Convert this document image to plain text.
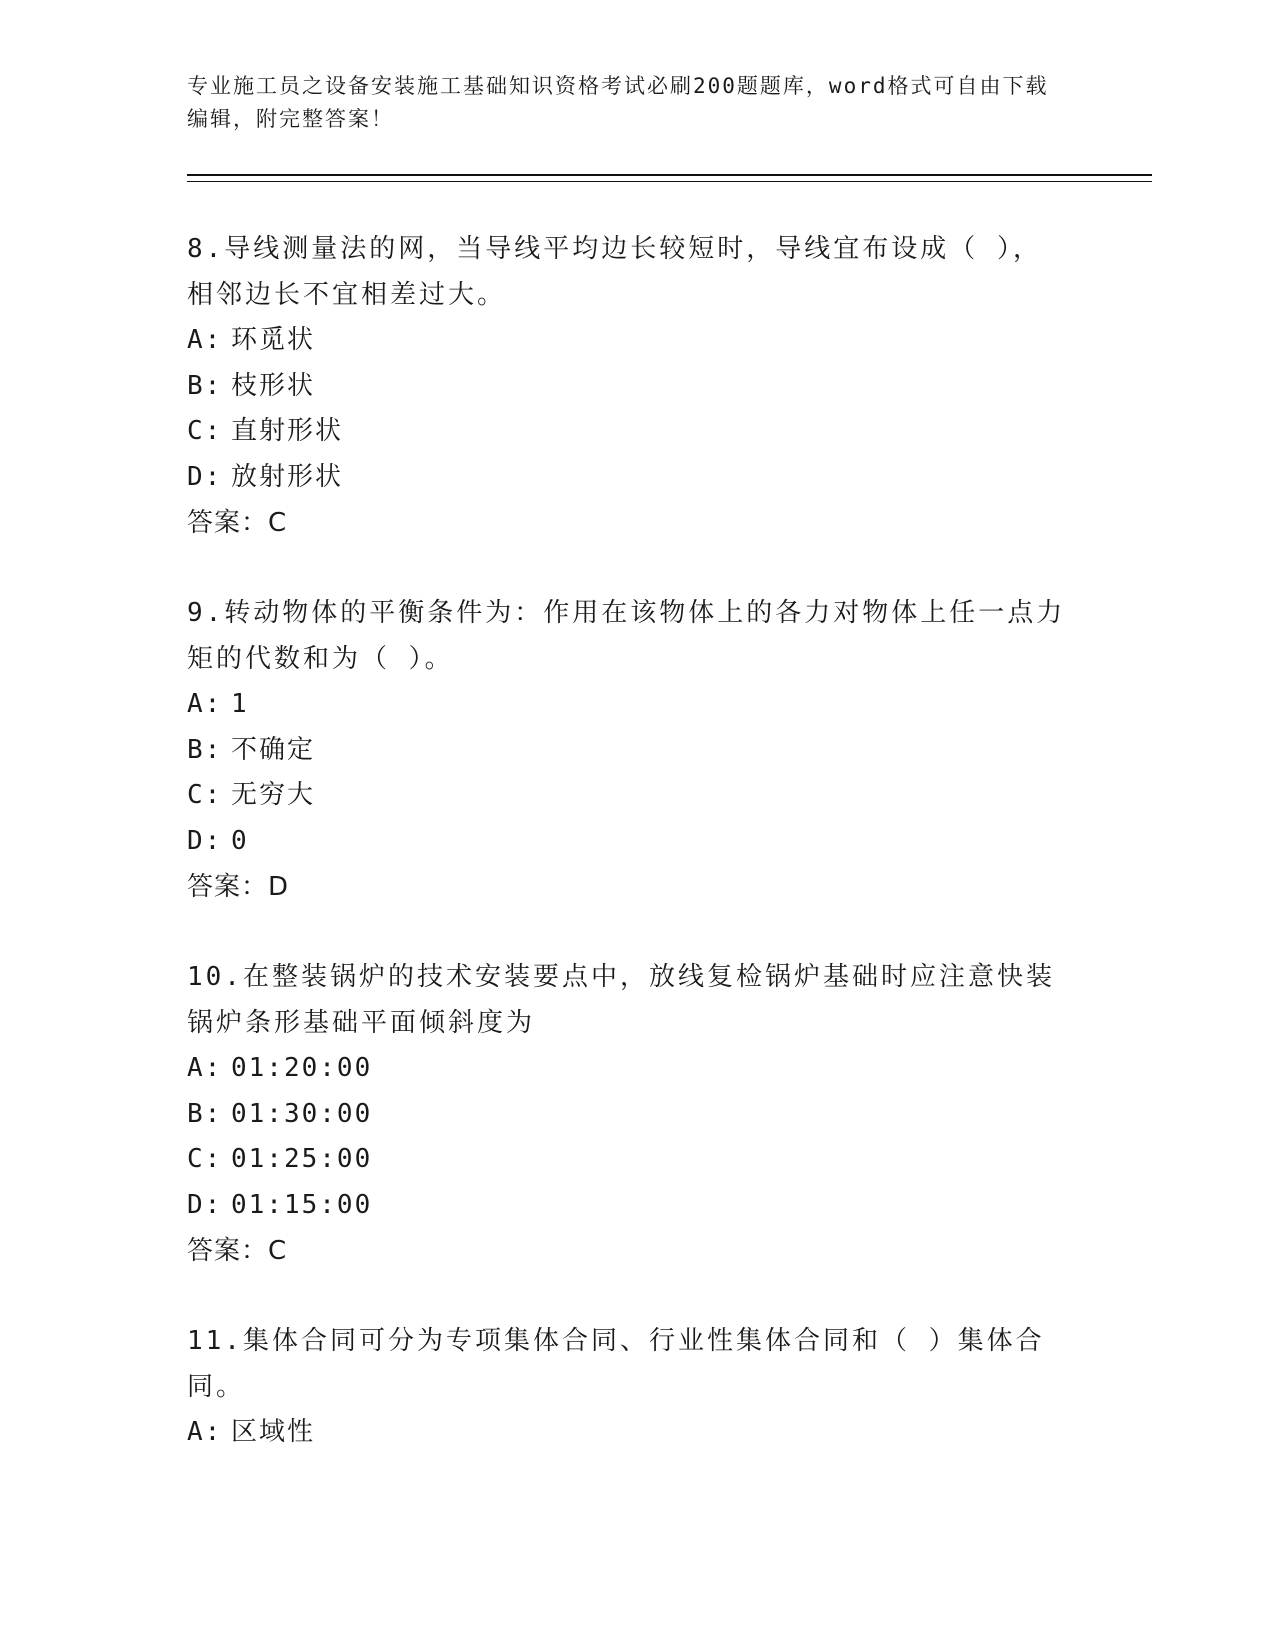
专业施工员之设备安装施工基础知识资格考试必刷200题题库，word格式可自由下载编辑，附完整答案！
8.导线测量法的网，当导线平均边长较短时，导线宜布设成（ ），相邻边长不宜相差过大。
A: 环觅状
B: 枝形状
C: 直射形状
D: 放射形状
答案：C
9.转动物体的平衡条件为：作用在该物体上的各力对物体上任一点力矩的代数和为（ ）。
A: 1
B: 不确定
C: 无穷大
D: 0
答案：D
10.在整装锅炉的技术安装要点中，放线复检锅炉基础时应注意快装锅炉条形基础平面倾斜度为
A: 01:20:00
B: 01:30:00
C: 01:25:00
D: 01:15:00
答案：C
11.集体合同可分为专项集体合同、行业性集体合同和（ ）集体合同。
A: 区域性
